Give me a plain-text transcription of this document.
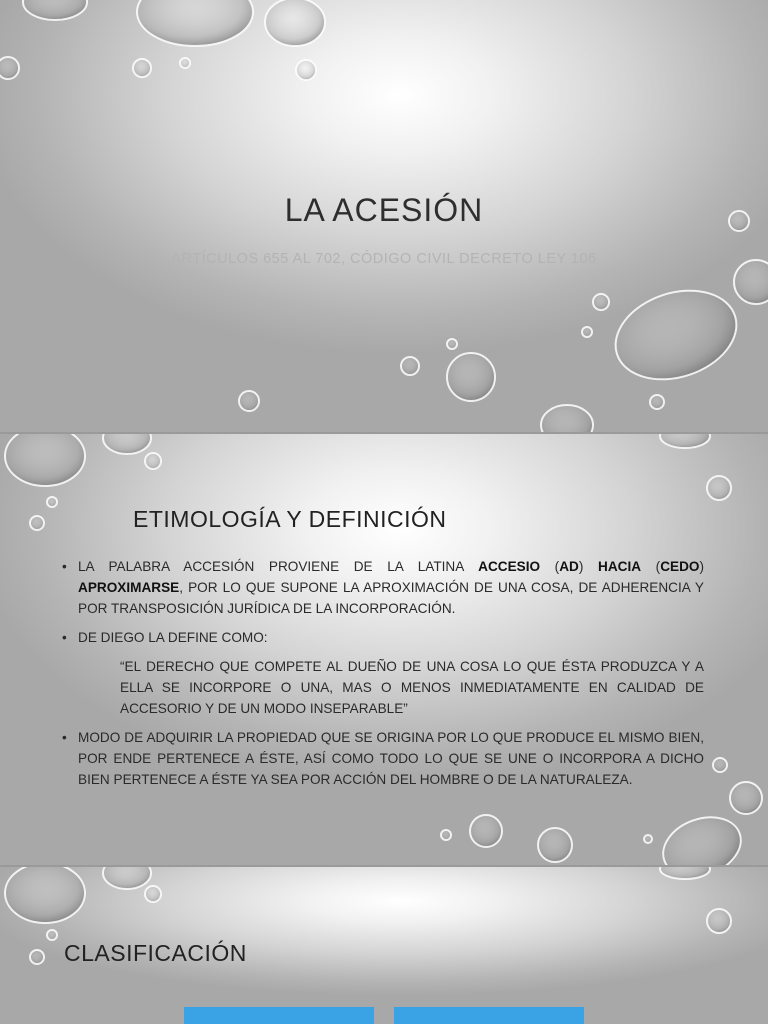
LA ACESIÓN

ARTÍCULOS 655 AL 702, CÓDIGO CIVIL DECRETO LEY 106

ETIMOLOGÍA Y DEFINICIÓN
• LA PALABRA ACCESIÓN PROVIENE DE LA LATINA ACCESIO (AD) HACIA (CEDO) APROXIMARSE, POR LO QUE SUPONE LA APROXIMACIÓN DE UNA COSA, DE ADHERENCIA Y POR TRANSPOSICIÓN JURÍDICA DE LA INCORPORACIÓN.
• DE DIEGO LA DEFINE COMO:
“EL DERECHO QUE COMPETE AL DUEÑO DE UNA COSA LO QUE ÉSTA PRODUZCA Y A ELLA SE INCORPORE O UNA, MAS O MENOS INMEDIATAMENTE EN CALIDAD DE ACCESORIO Y DE UN MODO INSEPARABLE”
• MODO DE ADQUIRIR LA PROPIEDAD QUE SE ORIGINA POR LO QUE PRODUCE EL MISMO BIEN, POR ENDE PERTENECE A ÉSTE, ASÍ COMO TODO LO QUE SE UNE O INCORPORA A DICHO BIEN PERTENECE A ÉSTE YA SEA POR ACCIÓN DEL HOMBRE O DE LA NATURALEZA.
CLASIFICACIÓN
